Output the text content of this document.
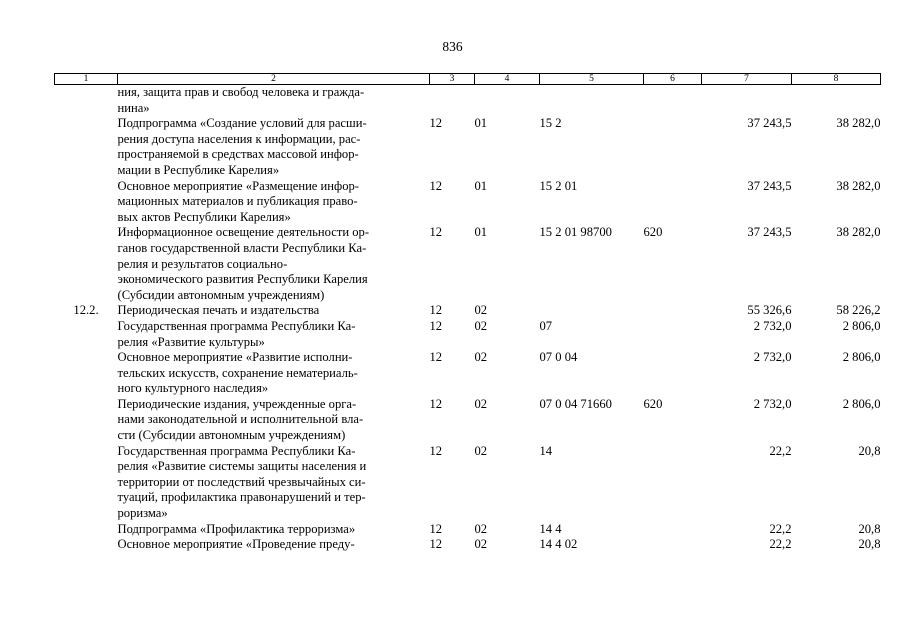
836
1	2	3	4	5	6	7	8

	ния, защита прав и свобод человека и гражда-
нина»						

	Подпрограмма «Создание условий для расши-
рения доступа населения к информации, рас-
пространяемой в средствах массовой инфор-
мации в Республике Карелия»	12	01	15 2		37 243,5	38 282,0

	Основное мероприятие «Размещение инфор-
мационных материалов и публикация право-
вых актов Республики Карелия»	12	01	15 2 01		37 243,5	38 282,0

	Информационное освещение деятельности ор-
ганов государственной власти Республики Ка-
релия и результатов социально-
экономического развития Республики Карелия
(Субсидии автономным учреждениям)	12	01	15 2 01 98700	620	37 243,5	38 282,0
12.2.	Периодическая печать и издательства	12	02			55 326,6	58 226,2

	Государственная программа Республики Ка-
релия «Развитие культуры»	12	02	07		2 732,0	2 806,0

	Основное мероприятие «Развитие исполни-
тельских искусств, сохранение нематериаль-
ного культурного наследия»	12	02	07 0 04		2 732,0	2 806,0

	Периодические издания, учрежденные орга-
нами законодательной и исполнительной вла-
сти (Субсидии автономным учреждениям)	12	02	07 0 04 71660	620	2 732,0	2 806,0

	Государственная программа Республики Ка-
релия «Развитие системы защиты населения и
территории от последствий чрезвычайных си-
туаций, профилактика правонарушений и тер-
роризма»	12	02	14		22,2	20,8

	Подпрограмма «Профилактика терроризма»	12	02	14 4		22,2	20,8

	Основное мероприятие «Проведение преду-	12	02	14 4 02		22,2	20,8
